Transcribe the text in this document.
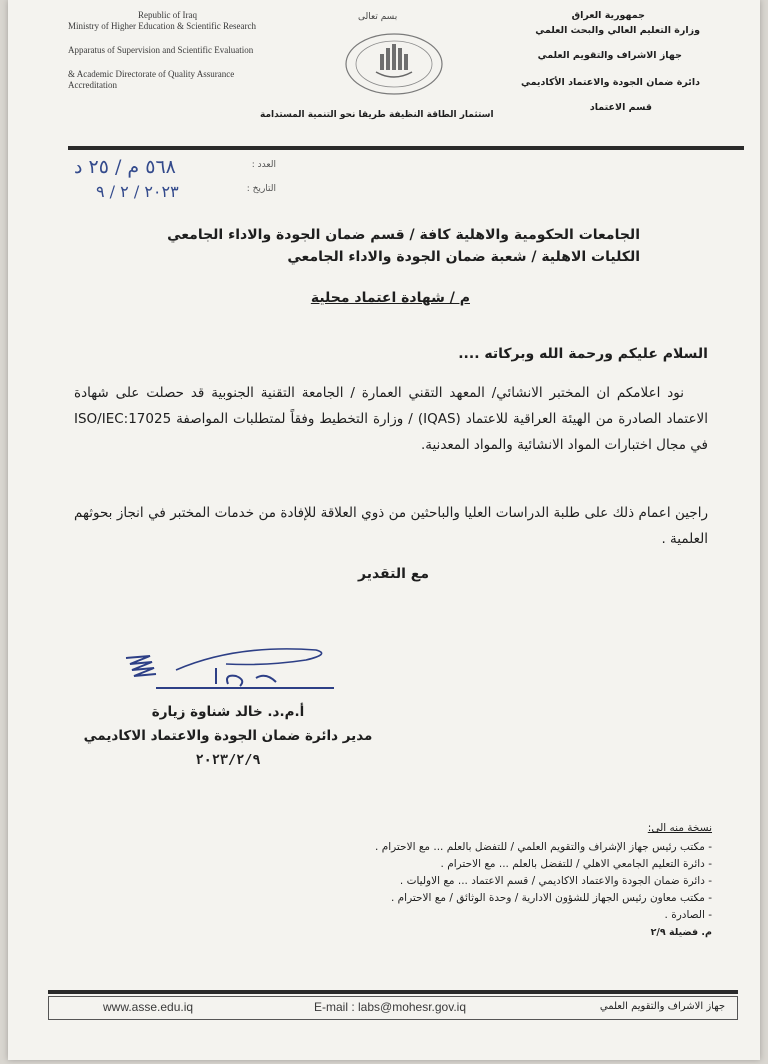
Republic of Iraq
Ministry of Higher Education & Scientific Research
Apparatus of Supervision and Scientific Evaluation
& Academic Directorate of Quality Assurance
Accreditation
بسم تعالى	جمهورية العراق
وزارة التعليم العالي والبحث العلمي
جهاز الاشراف والتقويم العلمي
دائرة ضمان الجودة والاعتماد الأكاديمي
قسم الاعتماد
استثمار الطاقة النظيفة طريقا نحو التنمية المستدامة
العدد :
٥٦٨ م / ٢٥ د
التاريخ :
٢٠٢٣ / ٢ / ٩
الجامعات الحكومية والاهلية كافة / قسم ضمان الجودة والاداء الجامعي
الكليات الاهلية / شعبة ضمان الجودة والاداء الجامعي
م / شهادة اعتماد محلية
السلام عليكم ورحمة الله وبركاته ....
نود اعلامكم ان المختبر الانشائي/ المعهد التقني العمارة / الجامعة التقنية الجنوبية قد حصلت على شهادة الاعتماد الصادرة من الهيئة العراقية للاعتماد (IQAS) / وزارة التخطيط وفقاً لمتطلبات المواصفة ISO/IEC:17025 في مجال اختبارات المواد الانشائية والمواد المعدنية.
راجين اعمام ذلك على طلبة الدراسات العليا والباحثين من ذوي العلاقة للإفادة من خدمات المختبر في انجاز بحوثهم العلمية .
مع التقدير
أ.م.د. خالد شناوة زيارة
مدير دائرة ضمان الجودة والاعتماد الاكاديمي
٢٠٢٣/٢/٩
نسخة منه الى:
- مكتب رئيس جهاز الإشراف والتقويم العلمي / للتفضل بالعلم ... مع الاحترام .
- دائرة التعليم الجامعي الاهلي / للتفضل بالعلم ... مع الاحترام .
- دائرة ضمان الجودة والاعتماد الاكاديمي / قسم الاعتماد ... مع الاوليات .
- مكتب معاون رئيس الجهاز للشؤون الادارية / وحدة الوثائق / مع الاحترام .
- الصادرة .
م. فضيلة ٢/٩
www.asse.edu.iq	E-mail : labs@mohesr.gov.iq	جهاز الاشراف والتقويم العلمي
